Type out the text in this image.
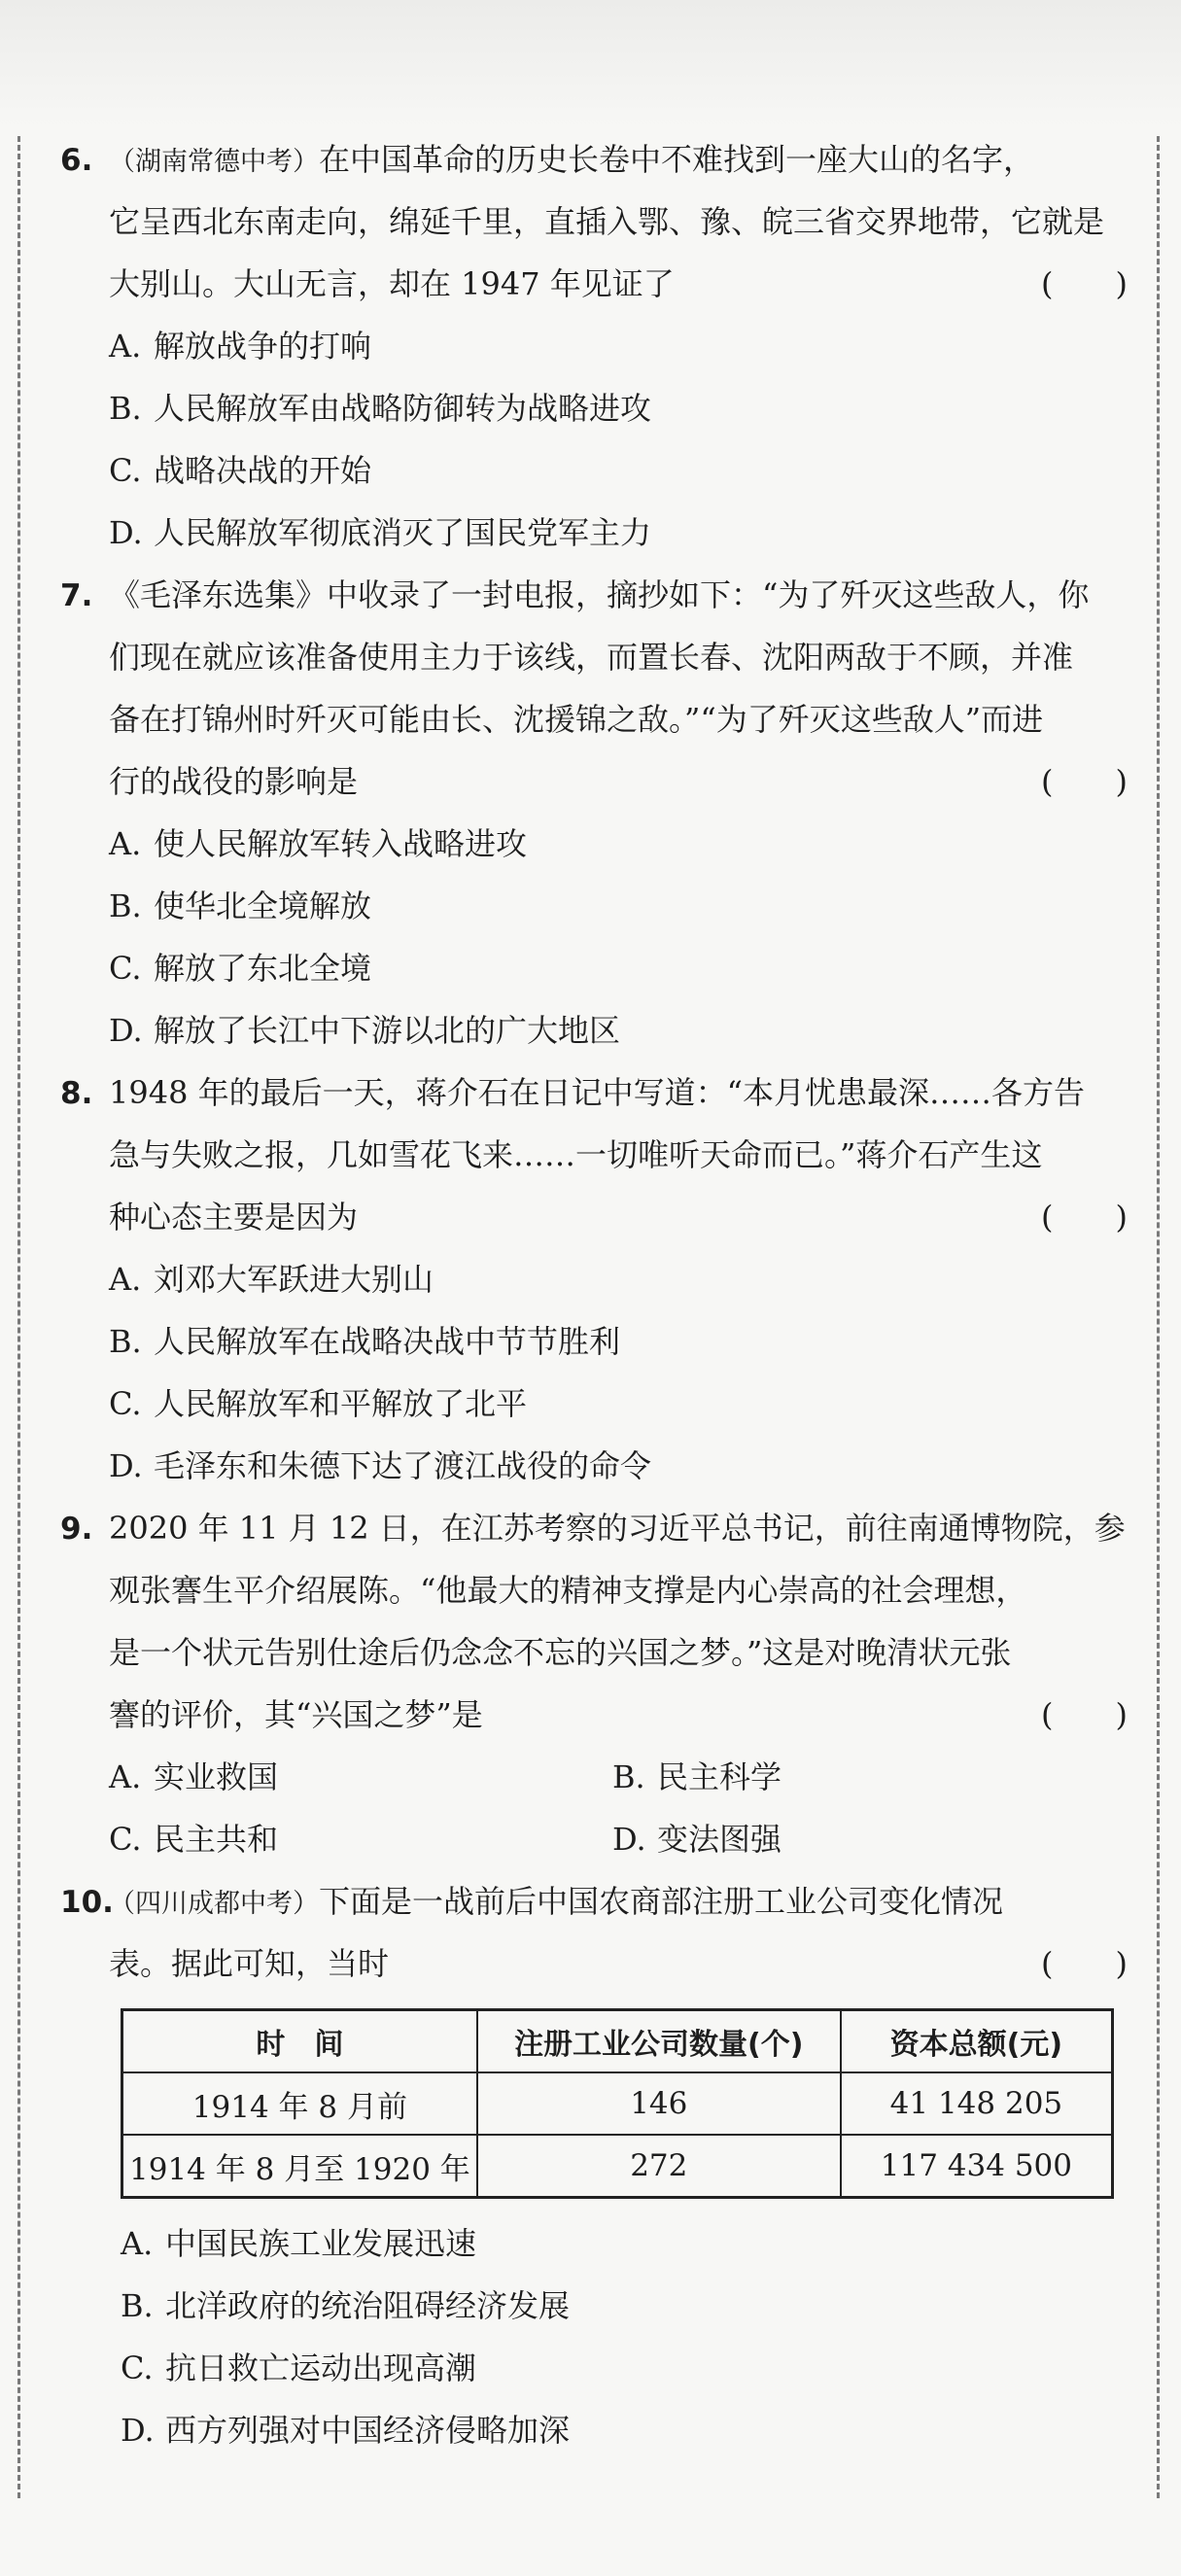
6. （湖南常德中考）在中国革命的历史长卷中不难找到一座大山的名字，
它呈西北东南走向，绵延千里，直插入鄂、豫、皖三省交界地带，它就是
大别山。大山无言，却在 1947 年见证了	(　　)
A. 解放战争的打响
B. 人民解放军由战略防御转为战略进攻
C. 战略决战的开始
D. 人民解放军彻底消灭了国民党军主力
7. 《毛泽东选集》中收录了一封电报，摘抄如下：“为了歼灭这些敌人，你
们现在就应该准备使用主力于该线，而置长春、沈阳两敌于不顾，并准
备在打锦州时歼灭可能由长、沈援锦之敌。”“为了歼灭这些敌人”而进
行的战役的影响是	(　　)
A. 使人民解放军转入战略进攻
B. 使华北全境解放
C. 解放了东北全境
D. 解放了长江中下游以北的广大地区
8. 1948 年的最后一天，蒋介石在日记中写道：“本月忧患最深……各方告
急与失败之报，几如雪花飞来……一切唯听天命而已。”蒋介石产生这
种心态主要是因为	(　　)
A. 刘邓大军跃进大别山
B. 人民解放军在战略决战中节节胜利
C. 人民解放军和平解放了北平
D. 毛泽东和朱德下达了渡江战役的命令
9. 2020 年 11 月 12 日，在江苏考察的习近平总书记，前往南通博物院，参
观张謇生平介绍展陈。“他最大的精神支撑是内心崇高的社会理想，
是一个状元告别仕途后仍念念不忘的兴国之梦。”这是对晚清状元张
謇的评价，其“兴国之梦”是	(　　)
A. 实业救国	B. 民主科学
C. 民主共和	D. 变法图强
10.
（四川成都中考）下面是一战前后中国农商部注册工业公司变化情况
表。据此可知，当时	(　　)
时　间	注册工业公司数量(个)	资本总额(元)
1914 年 8 月前	146	41 148 205
1914 年 8 月至 1920 年	272	117 434 500
A. 中国民族工业发展迅速
B. 北洋政府的统治阻碍经济发展
C. 抗日救亡运动出现高潮
D. 西方列强对中国经济侵略加深
